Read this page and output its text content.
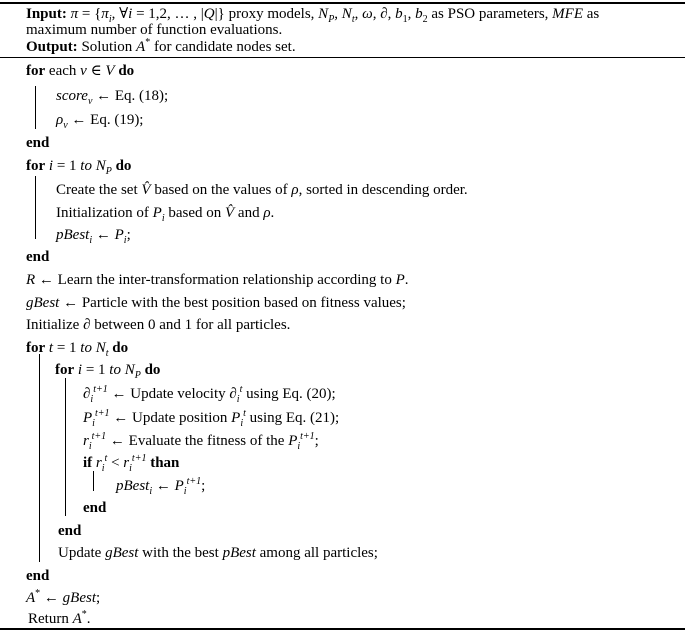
Input: $\pi = \{\pi_i$, ∀i = 1,2, … , |Q|} proxy models, $N_P$, $N_t$, ω, ∂, $b_1$, $b_2$ as PSO parameters, MFE as
maximum number of function evaluations.
Output: Solution A* for candidate nodes set.
for each v ∈ V do
score$_v$ ← Eq. (18);
$\rho_v$ ← Eq. (19);
end
for i = 1 to $N_P$ do
Create the set V̂ based on the values of ρ, sorted in descending order.
Initialization of $P_i$ based on V̂ and ρ.
pBest$_i$ ← $P_i$;
end
R ← Learn the inter-transformation relationship according to P.
gBest ← Particle with the best position based on fitness values;
Initialize ∂ between 0 and 1 for all particles.
for t = 1 to $N_t$ do
for i = 1 to $N_P$ do
$\partial_i^{t+1}$ ← Update velocity $\partial_i^t$ using Eq. (20);
$P_i^{t+1}$ ← Update position $P_i^t$ using Eq. (21);
$r_i^{t+1}$ ← Evaluate the fitness of the $P_i^{t+1}$;
if $r_i^t < r_i^{t+1}$ than
pBest$_i$ ← $P_i^{t+1}$;
end
end
Update gBest with the best pBest among all particles;
end
A* ← gBest;
Return A*.
